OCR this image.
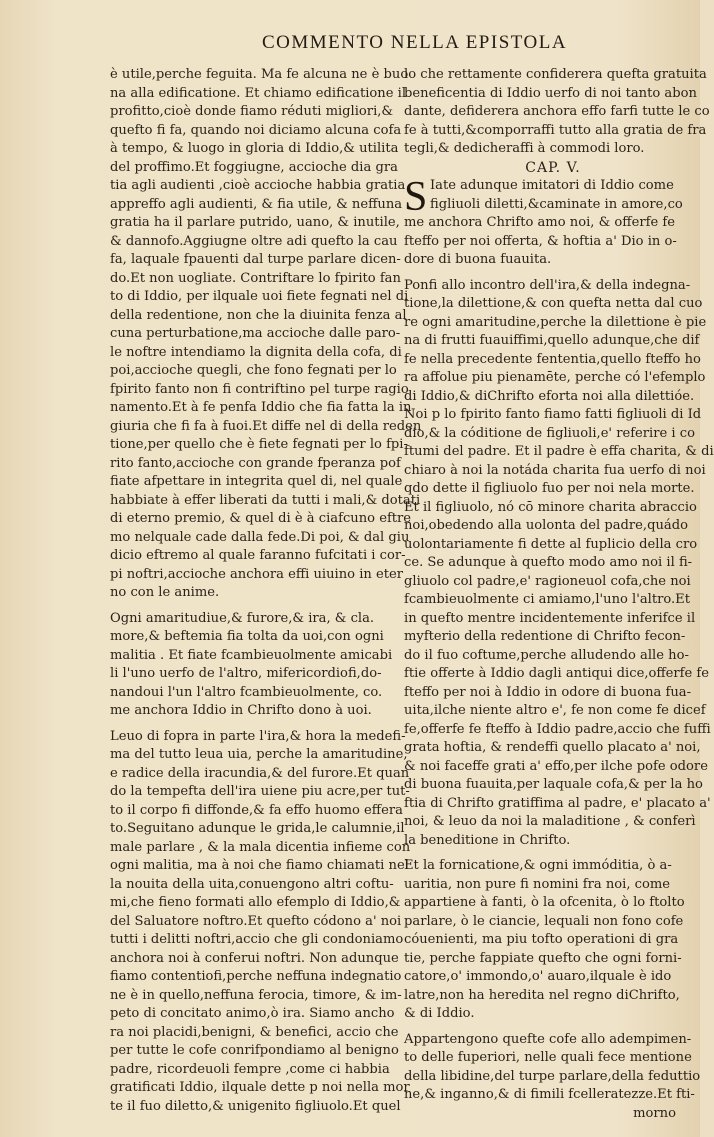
COMMENTO NELLA EPISTOLA
è utile,perche feguita. Ma fe alcuna ne è buo
na alla edificatione. Et chiamo edificatione il
profitto,cioè donde fiamo réduti migliori,&
quefto fi fa, quando noi diciamo alcuna cofa
à tempo, & luogo in gloria di Iddio,& utilita
del proffimo.Et foggiugne, accioche dia gra
tia agli audienti ,cioè accioche habbia gratia
appreffo agli audienti, & fia utile, & neffuna
gratia ha il parlare putrido, uano, & inutile,
& dannofo.Aggiugne oltre adi quefto la cau
fa, laquale fpauenti dal turpe parlare dicen-
do.Et non uogliate. Contriftare lo fpirito fan
to di Iddio, per ilquale uoi fiete fegnati nel di
della redentione, non che la diuinita fenza al
cuna perturbatione,ma accioche dalle paro-
le noftre intendiamo la dignita della cofa, di
poi,accioche quegli, che fono fegnati per lo
fpirito fanto non fi contriftino pel turpe ragio
namento.Et à fe penfa Iddio che fia fatta la in
giuria che fi fa à fuoi.Et diffe nel di della reden
tione,per quello che è fiete fegnati per lo fpi-
rito fanto,accioche con grande fperanza pof
fiate afpettare in integrita quel di, nel quale
habbiate à effer liberati da tutti i mali,& dotati
di eterno premio, & quel di è à ciafcuno eftre
mo nelquale cade dalla fede.Di poi, & dal giu
dicio eftremo al quale faranno fufcitati i cor-
pi noftri,accioche anchora effi uiuino in eter
no con le anime.
Ogni amaritudiue,& furore,& ira, & cla.
more,& beftemia fia tolta da uoi,con ogni
malitia . Et fiate fcambieuolmente amicabi
li l'uno uerfo de l'altro, mifericordiofi,do-
nandoui l'un l'altro fcambieuolmente, co.
me anchora Iddio in Chrifto dono à uoi.
Leuo di fopra in parte l'ira,& hora la medefi-
ma del tutto leua uia, perche la amaritudine,
e radice della iracundia,& del furore.Et quan
do la tempefta dell'ira uiene piu acre,per tut-
to il corpo fi diffonde,& fa effo huomo effera
to.Seguitano adunque le grida,le calumnie,il
male parlare , & la mala dicentia infieme con
ogni malitia, ma à noi che fiamo chiamati nel
la nouita della uita,conuengono altri coftu-
mi,che fieno formati allo efemplo di Iddio,&
del Saluatore noftro.Et quefto códono a' noi
tutti i delitti noftri,accio che gli condoniamo
anchora noi à conferui noftri. Non adunque
fiamo contentiofi,perche neffuna indegnatio
ne è in quello,neffuna ferocia, timore, & im-
peto di concitato animo,ò ira. Siamo ancho
ra noi placidi,benigni, & benefici, accio che
per tutte le cofe conrifpondiamo al benigno
padre, ricordeuoli fempre ,come ci habbia
gratificati Iddio, ilquale dette p noi nella mor
te il fuo diletto,& unigenito figliuolo.Et quel
lo che rettamente confiderera quefta gratuita
beneficentia di Iddio uerfo di noi tanto abon
dante, defiderera anchora effo farfi tutte le co
fe à tutti,&comporraffi tutto alla gratia de fra
tegli,& dedicheraffi à commodi loro.
CAP. V.
S Iate adunque imitatori di Iddio come
figliuoli diletti,&caminate in amore,co
me anchora Chrifto amo noi, & offerfe fe
fteffo per noi offerta, & hoftia a' Dio in o-
dore di buona fuauita.
Ponfi allo incontro dell'ira,& della indegna-
tione,la dilettione,& con quefta netta dal cuo
re ogni amaritudine,perche la dilettione è pie
na di frutti fuauiffimi,quello adunque,che dif
fe nella precedente fententia,quello fteffo ho
ra affolue piu pienamēte, perche có l'efemplo
di Iddio,& diChrifto eforta noi alla dilettióe.
Noi p lo fpirito fanto fiamo fatti figliuoli di Id
dio,& la códitione de figliuoli,e' referire i co
ftumi del padre. Et il padre è effa charita, & di
chiaro à noi la notáda charita fua uerfo di noi
qdo dette il figliuolo fuo per noi nela morte.
Et il figliuolo, nó cō minore charita abraccio
noi,obedendo alla uolonta del padre,quádo
uolontariamente fi dette al fuplicio della cro
ce. Se adunque à quefto modo amo noi il fi-
gliuolo col padre,e' ragioneuol cofa,che noi
fcambieuolmente ci amiamo,l'uno l'altro.Et
in quefto mentre incidentemente inferifce il
myfterio della redentione di Chrifto fecon-
do il fuo coftume,perche alludendo alle ho-
ftie offerte à Iddio dagli antiqui dice,offerfe fe
fteffo per noi à Iddio in odore di buona fua-
uita,ilche niente altro e', fe non come fe dicef
fe,offerfe fe fteffo à Iddio padre,accio che fuffi
grata hoftia, & rendeffi quello placato a' noi,
& noi faceffe grati a' effo,per ilche pofe odore
di buona fuauita,per laquale cofa,& per la ho
ftia di Chrifto gratiffima al padre, e' placato a'
noi, & leuo da noi la maladitione , & conferì
la beneditione in Chrifto.
Et la fornicatione,& ogni immóditia, ò a-
uaritia, non pure fi nomini fra noi, come
appartiene à fanti, ò la ofcenita, ò lo ftolto
parlare, ò le ciancie, lequali non fono cofe
cóuenienti, ma piu tofto operationi di gra
tie, perche fappiate quefto che ogni forni-
catore,o' immondo,o' auaro,ilquale è ido
latre,non ha heredita nel regno diChrifto,
& di Iddio.
Appartengono quefte cofe allo adempimen-
to delle fuperiori, nelle quali fece mentione
della libidine,del turpe parlare,della feduttio
ne,& inganno,& di fimili fcelleratezze.Et fti-
morno
